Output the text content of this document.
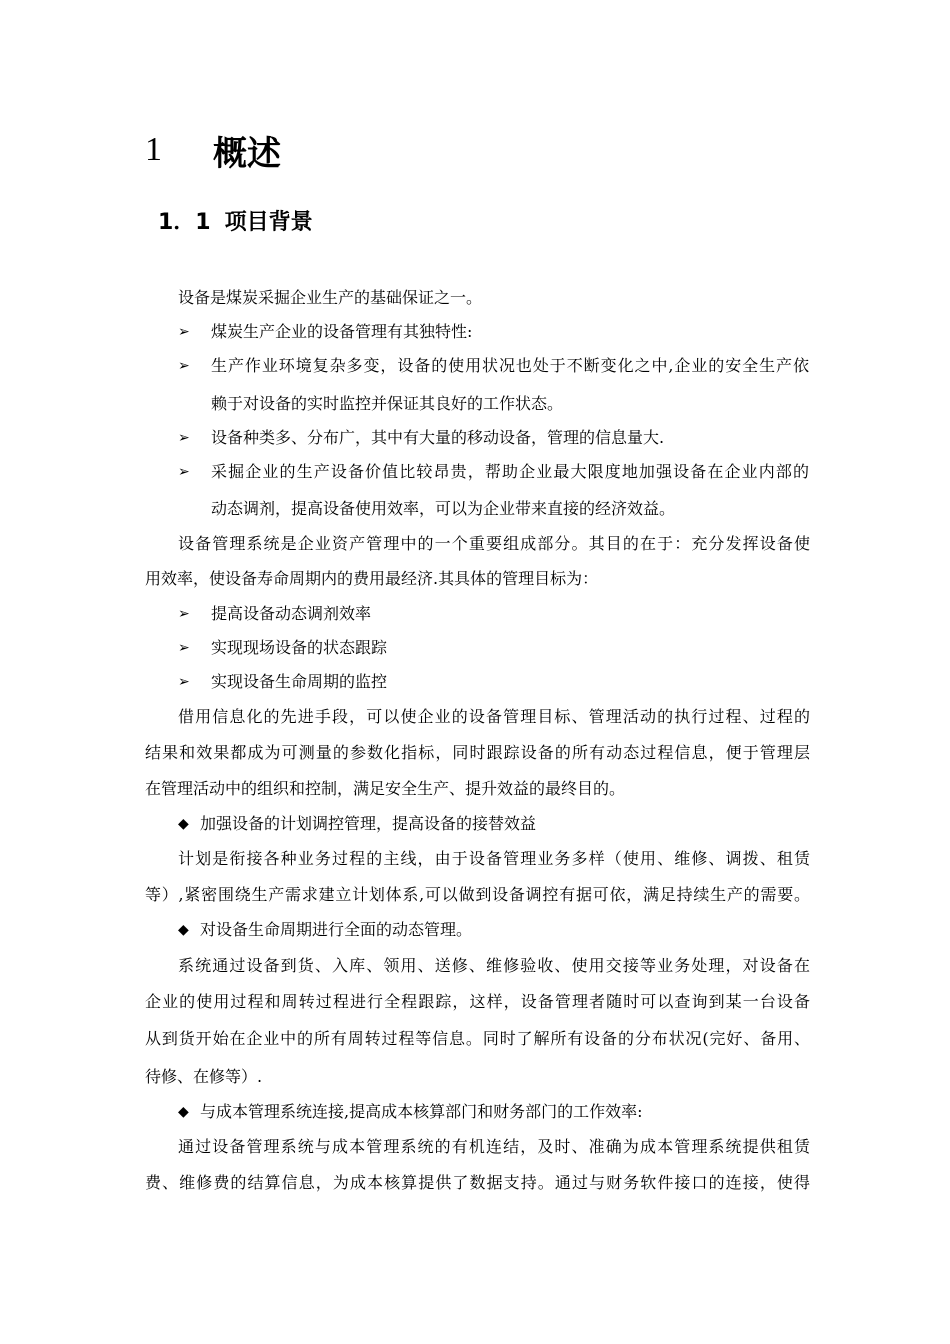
1	概述
1．1 项目背景
设备是煤炭采掘企业生产的基础保证之一。
➢	煤炭生产企业的设备管理有其独特性:
➢	生产作业环境复杂多变，设备的使用状况也处于不断变化之中,企业的安全生产依
赖于对设备的实时监控并保证其良好的工作状态。
➢	设备种类多、分布广，其中有大量的移动设备，管理的信息量大.
➢	采掘企业的生产设备价值比较昂贵，帮助企业最大限度地加强设备在企业内部的
动态调剂，提高设备使用效率，可以为企业带来直接的经济效益。
设备管理系统是企业资产管理中的一个重要组成部分。其目的在于：充分发挥设备使
用效率，使设备寿命周期内的费用最经济.其具体的管理目标为：
➢	提高设备动态调剂效率
➢	实现现场设备的状态跟踪
➢	实现设备生命周期的监控
借用信息化的先进手段，可以使企业的设备管理目标、管理活动的执行过程、过程的
结果和效果都成为可测量的参数化指标，同时跟踪设备的所有动态过程信息，便于管理层
在管理活动中的组织和控制，满足安全生产、提升效益的最终目的。
◆ 加强设备的计划调控管理，提高设备的接替效益
计划是衔接各种业务过程的主线，由于设备管理业务多样（使用、维修、调拨、租赁
等）,紧密围绕生产需求建立计划体系,可以做到设备调控有据可依，满足持续生产的需要。
◆ 对设备生命周期进行全面的动态管理。
系统通过设备到货、入库、领用、送修、维修验收、使用交接等业务处理，对设备在
企业的使用过程和周转过程进行全程跟踪，这样，设备管理者随时可以查询到某一台设备
从到货开始在企业中的所有周转过程等信息。同时了解所有设备的分布状况(完好、备用、
待修、在修等）.
◆ 与成本管理系统连接,提高成本核算部门和财务部门的工作效率:
通过设备管理系统与成本管理系统的有机连结，及时、准确为成本管理系统提供租赁
费、维修费的结算信息，为成本核算提供了数据支持。通过与财务软件接口的连接，使得
